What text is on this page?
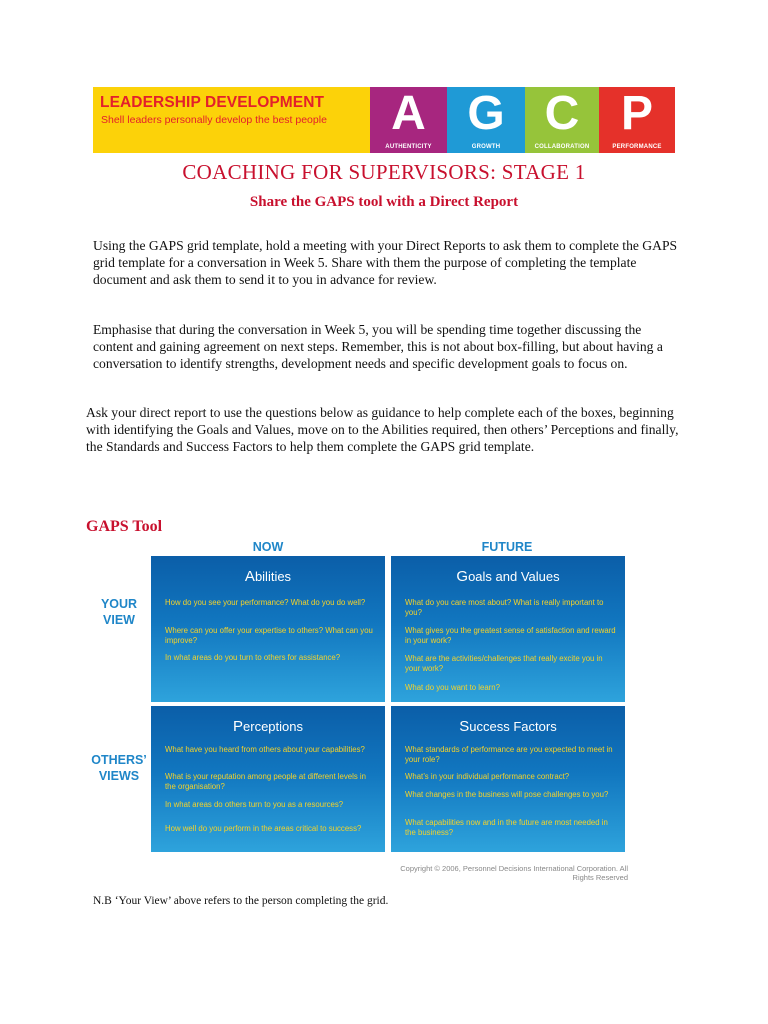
LEADERSHIP DEVELOPMENT
Shell leaders personally develop the best people	A
AUTHENTICITY
G
GROWTH
C
COLLABORATION
P
PERFORMANCE
COACHING FOR SUPERVISORS: STAGE 1
Share the GAPS tool with a Direct Report

Using the GAPS grid template, hold a meeting with your Direct Reports to ask them to complete the GAPS grid template for a conversation in Week 5. Share with them the purpose of completing the template document and ask them to send it to you in advance for review.

Emphasise that during the conversation in Week 5, you will be spending time together discussing the content and gaining agreement on next steps. Remember, this is not about box-filling, but about having a conversation to identify strengths, development needs and specific development goals to focus on.

Ask your direct report to use the questions below as guidance to help complete each of the boxes, beginning with identifying the Goals and Values, move on to the Abilities required, then others’ Perceptions and finally, the Standards and Success Factors to help them complete the GAPS grid template.

GAPS Tool
NOW	FUTURE
YOUR VIEW
OTHERS’ VIEWS
Abilities
How do you see your performance? What do you do well?
Where can you offer your expertise to others? What can you improve?
In what areas do you turn to others for assistance?
Goals and Values
What do you care most about? What is really important to you?
What gives you the greatest sense of satisfaction and reward in your work?
What are the activities/challenges that really excite you in your work?
What do you want to learn?
Perceptions
What have you heard from others about your capabilities?
What is your reputation among people at different levels in the organisation?
In what areas do others turn to you as a resources?
How well do you perform in the areas critical to success?
Success Factors
What standards of performance are you expected to meet in your role?
What’s in your individual performance contract?
What changes in the business will pose challenges to you?
What capabilities now and in the future are most needed in the business?
Copyright © 2006, Personnel Decisions International Corporation. All Rights Reserved
N.B ‘Your View’ above refers to the person completing the grid.
